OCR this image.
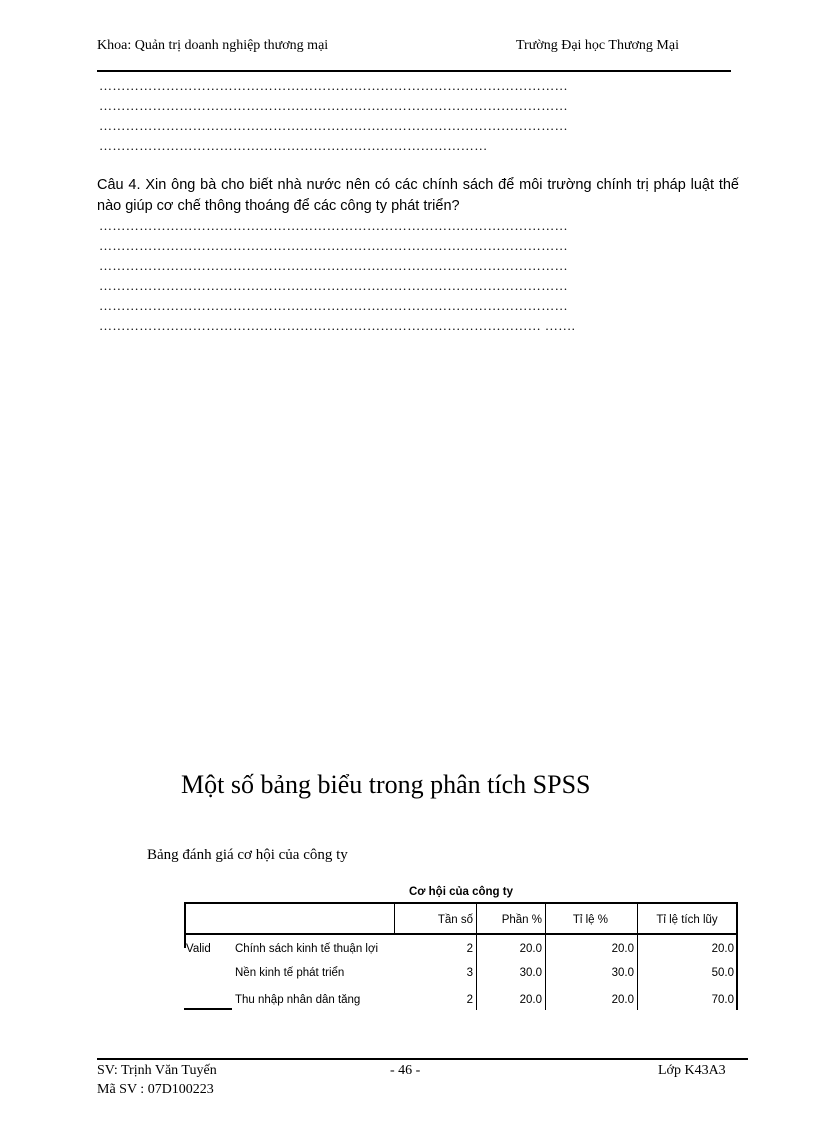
Khoa: Quản trị doanh nghiệp thương mại	Trường Đại học Thương Mại
……………………………………………………………………………………………
……………………………………………………………………………………………
……………………………………………………………………………………………
……………………………………………………………………………
Câu 4. Xin ông bà cho biết nhà nước nên có các chính sách để môi trường chính trị pháp luật thế nào giúp cơ chế thông thoáng để các công ty phát triển?
……………………………………………………………………………………………
……………………………………………………………………………………………
……………………………………………………………………………………………
……………………………………………………………………………………………
……………………………………………………………………………………………
……………………………………………………………………………………… …….
Một số bảng biểu trong phân tích SPSS
Bảng đánh giá cơ hội của công ty
Cơ hội của công ty
Tần số	Phần %	Tỉ lệ %	Tỉ lệ tích lũy
Valid Chính sách kinh tế thuận lợi	2	20.0	20.0	20.0
Nền kinh tế phát triển	3	30.0	30.0	50.0
Thu nhập nhân dân tăng	2	20.0	20.0	70.0
SV: Trịnh Văn Tuyến
Mã SV : 07D100223
- 46 -	Lớp K43A3
